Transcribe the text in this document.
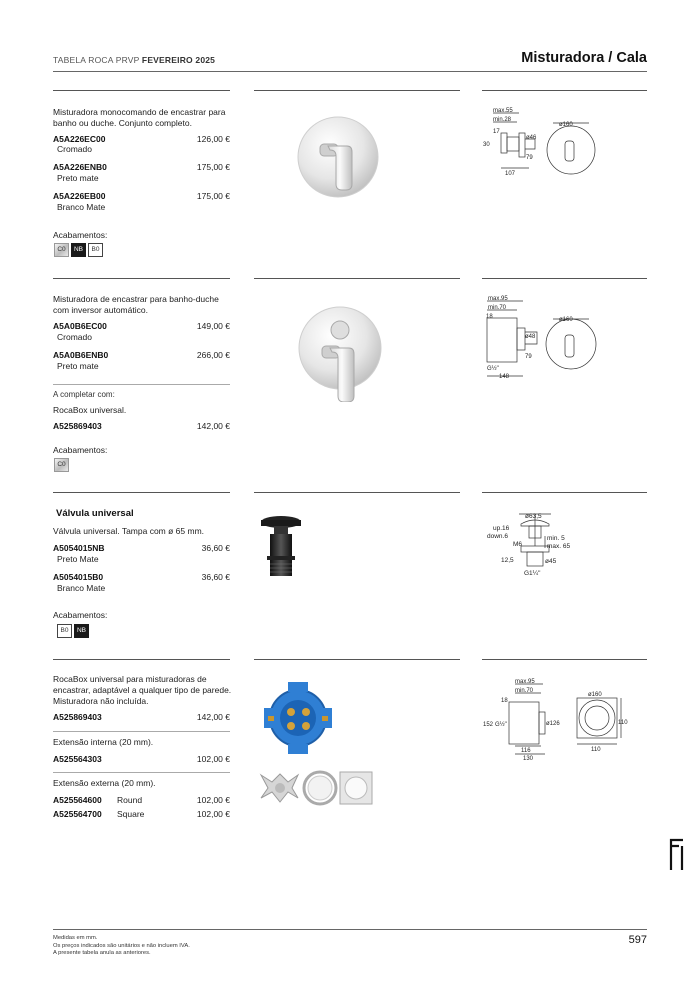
TABELA ROCA PRVP FEVEREIRO 2025	Misturadora / Cala
Misturadora monocomando de encastrar para banho ou duche. Conjunto completo.
A5A226EC00
Cromado
126,00 €
A5A226ENB0
Preto mate
175,00 €
A5A226EB00
Branco Mate
175,00 €
Acabamentos:
C0	NB	B0
max.55
min.28
17
30
ø46
79
107
ø160
Misturadora de encastrar para banho-duche com inversor automático.
A5A0B6EC00
Cromado
149,00 €
A5A0B6ENB0
Preto mate
266,00 €
A completar com:
RocaBox universal.
A525869403	142,00 €
Acabamentos:
C0
max.95
min.70
18
ø48
79
G½"
148
ø160
Válvula universal
Válvula universal. Tampa com ø 65 mm.
A5054015NB
Preto Mate
36,60 €
A5054015B0
Branco Mate
36,60 €
Acabamentos:
B0	NB
ø63,5
up.16
down.6
M6
min. 5
max. 65
12,5	ø45
G1¼"
RocaBox universal para misturadoras de encastrar, adaptável a qualquer tipo de parede. Misturadora não incluída.
A525869403	142,00 €
Extensão interna (20 mm).
A525564303	102,00 €
Extensão externa (20 mm).
A525564600 Round	102,00 €
A525564700 Square	102,00 €
max.95
min.70
18
152 G½"	ø126
116
130
ø160
110
110
Medidas em mm.
Os preços indicados são unitários e não incluem IVA.
A presente tabela anula as anteriores.
597
